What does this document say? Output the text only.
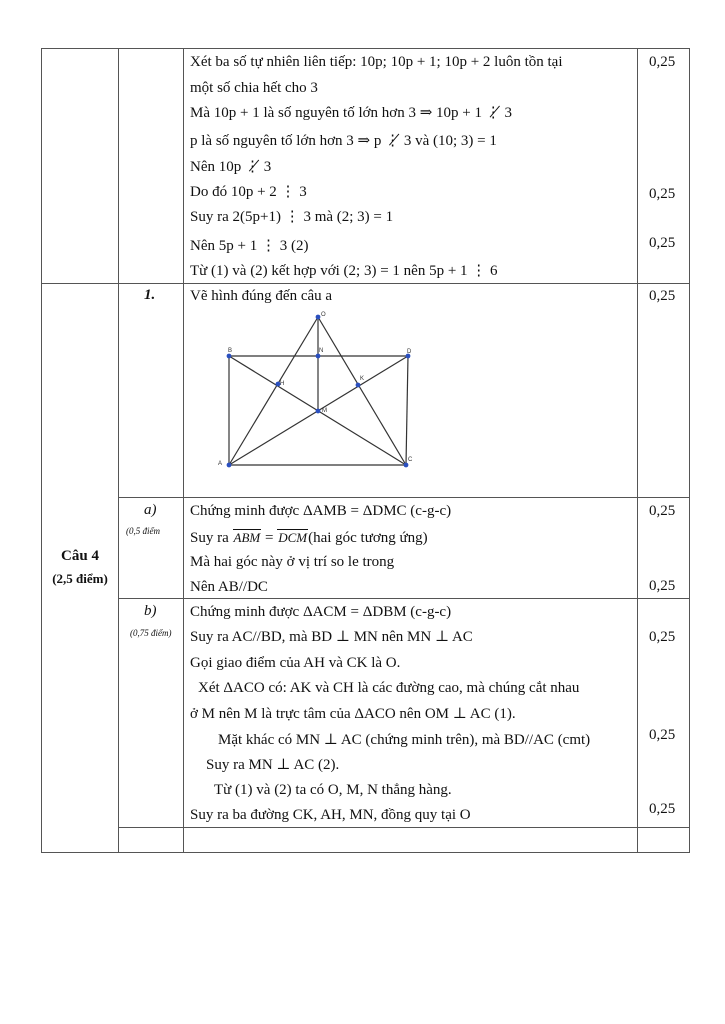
Xét ba số tự nhiên liên tiếp: 10p; 10p + 1; 10p + 2 luôn tồn tại
một số chia hết cho 3
Mà 10p + 1 là số nguyên tố lớn hơn 3 ⇒ 10p + 1 ⋮̸ 3
p là số nguyên tố lớn hơn 3 ⇒ p ⋮̸ 3 và (10; 3) = 1
Nên 10p ⋮̸ 3
Do đó 10p + 2 ⋮ 3
Suy ra 2(5p+1) ⋮ 3 mà (2; 3) = 1
Nên 5p + 1 ⋮ 3 (2)
Từ (1) và (2) kết hợp với (2; 3) = 1 nên 5p + 1 ⋮ 6
0,25
0,25
0,25
Câu 4
(2,5 điểm)
1. Vẽ hình đúng đến câu a	0,25
B	D
A
C
O
N
H
K
M
a)
(0,5 điểm
Chứng minh được ΔAMB = ΔDMC (c-g-c)
Suy ra ABM = DCM(hai góc tương ứng)
Mà hai góc này ở vị trí so le trong
Nên AB//DC
0,25
0,25
b)
(0,75 điểm)
Chứng minh được ΔACM = ΔDBM (c-g-c)
Suy ra AC//BD, mà BD ⊥ MN nên MN ⊥ AC
Gọi giao điểm của AH và CK là O.
Xét ΔACO có: AK và CH là các đường cao, mà chúng cắt nhau
ở M nên M là trực tâm của ΔACO nên OM ⊥ AC (1).
Mặt khác có MN ⊥ AC (chứng minh trên), mà BD//AC (cmt)
Suy ra MN ⊥ AC (2).
Từ (1) và (2) ta có O, M, N thẳng hàng.
Suy ra ba đường CK, AH, MN, đồng quy tại O
0,25
0,25
0,25
